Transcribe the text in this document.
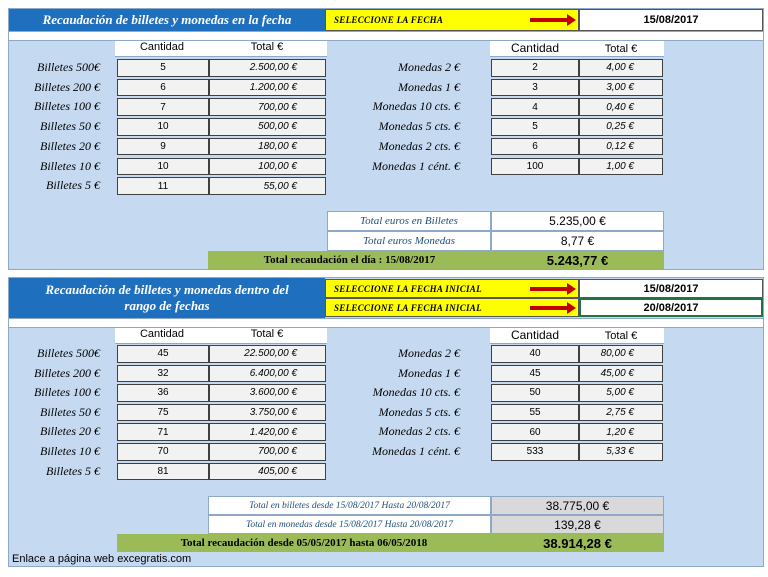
Recaudación de billetes y monedas en la fecha	SELECCIONE LA FECHA	15/08/2017
Cantidad	Total €	Cantidad	Total €
Billetes 500€	5	2.500,00 €
Billetes 200 €	6	1.200,00 €
Billetes 100 €	7	700,00 €
Billetes 50 €	10	500,00 €
Billetes 20 €	9	180,00 €
Billetes 10 €	10	100,00 €
Billetes 5 €	11	55,00 €
Monedas 2 €	2	4,00 €
Monedas 1 €	3	3,00 €
Monedas 10 cts. €	4	0,40 €
Monedas 5 cts. €	5	0,25 €
Monedas 2 cts. €	6	0,12 €
Monedas 1 cént. €	100	1,00 €
Total euros en Billetes	5.235,00 €
Total euros Monedas	8,77 €
Total recaudación el día : 15/08/2017	5.243,77 €
Recaudación de billetes y monedas dentro del rango de fechas
SELECCIONE LA FECHA INICIAL
SELECCIONE LA FECHA INICIAL
15/08/2017
20/08/2017
Cantidad	Total €	Cantidad	Total €
Billetes 500€	45	22.500,00 €
Billetes 200 €	32	6.400,00 €
Billetes 100 €	36	3.600,00 €
Billetes 50 €	75	3.750,00 €
Billetes 20 €	71	1.420,00 €
Billetes 10 €	70	700,00 €
Billetes 5 €	81	405,00 €
Monedas 2 €	40	80,00 €
Monedas 1 €	45	45,00 €
Monedas 10 cts. €	50	5,00 €
Monedas 5 cts. €	55	2,75 €
Monedas 2 cts. €	60	1,20 €
Monedas 1 cént. €	533	5,33 €
Total en billetes desde 15/08/2017 Hasta 20/08/2017	38.775,00 €
Total en monedas desde 15/08/2017 Hasta 20/08/2017	139,28 €
Total recaudación desde 05/05/2017 hasta 06/05/2018	38.914,28 €
Enlace a página web excegratis.com
